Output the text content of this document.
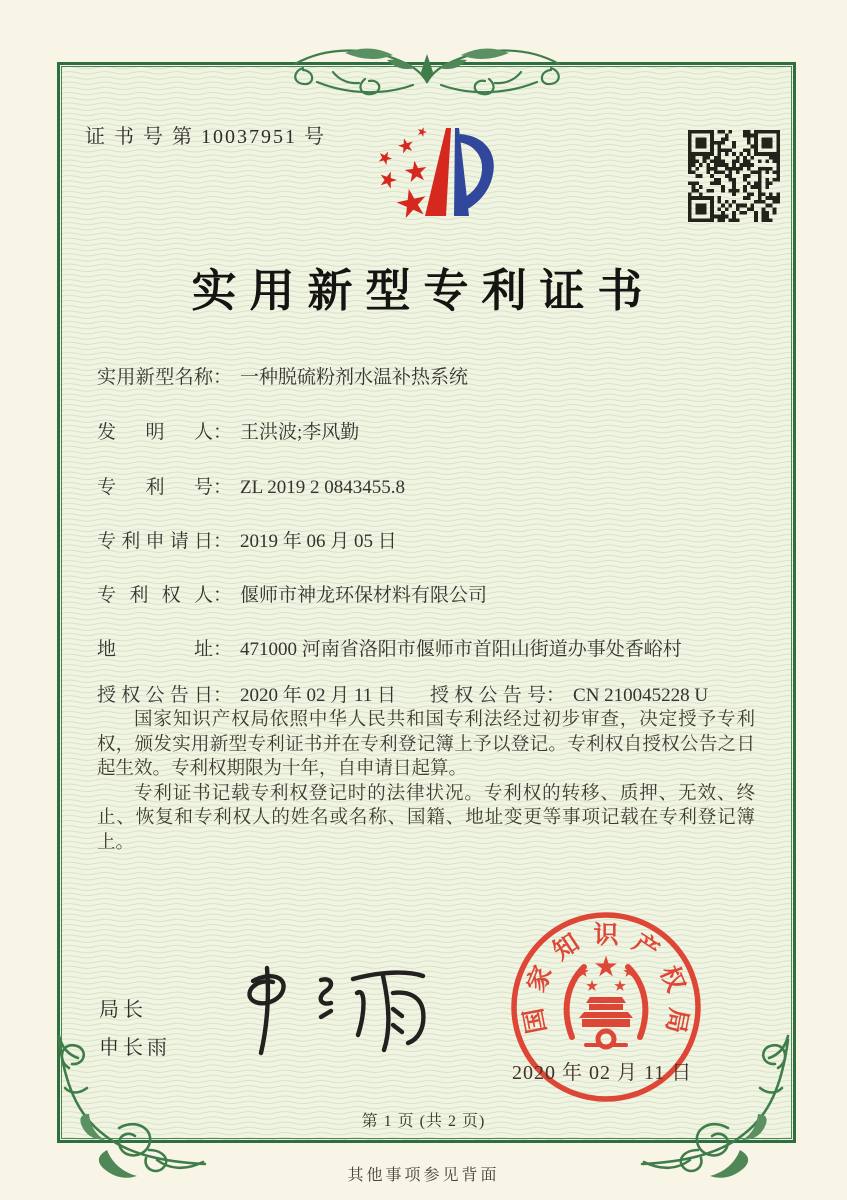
证 书 号 第 10037951 号
实用新型专利证书
实用新型名称： 一种脱硫粉剂水温补热系统
发明人： 王洪波;李风勤
专利号： ZL 2019 2 0843455.8
专利申请日： 2019 年 06 月 05 日
专利权人： 偃师市神龙环保材料有限公司
地址： 471000 河南省洛阳市偃师市首阳山街道办事处香峪村
授权公告日： 2020 年 02 月 11 日 授权公告号： CN 210045228 U

国家知识产权局依照中华人民共和国专利法经过初步审查，决定授予专利权，颁发实用新型专利证书并在专利登记簿上予以登记。专利权自授权公告之日起生效。专利权期限为十年，自申请日起算。

专利证书记载专利权登记时的法律状况。专利权的转移、质押、无效、终止、恢复和专利权人的姓名或名称、国籍、地址变更等事项记载在专利登记簿上。

国
家
知 识 产
权
局
2020 年 02 月 11 日
局长
申长雨
第 1 页 (共 2 页)
其他事项参见背面
